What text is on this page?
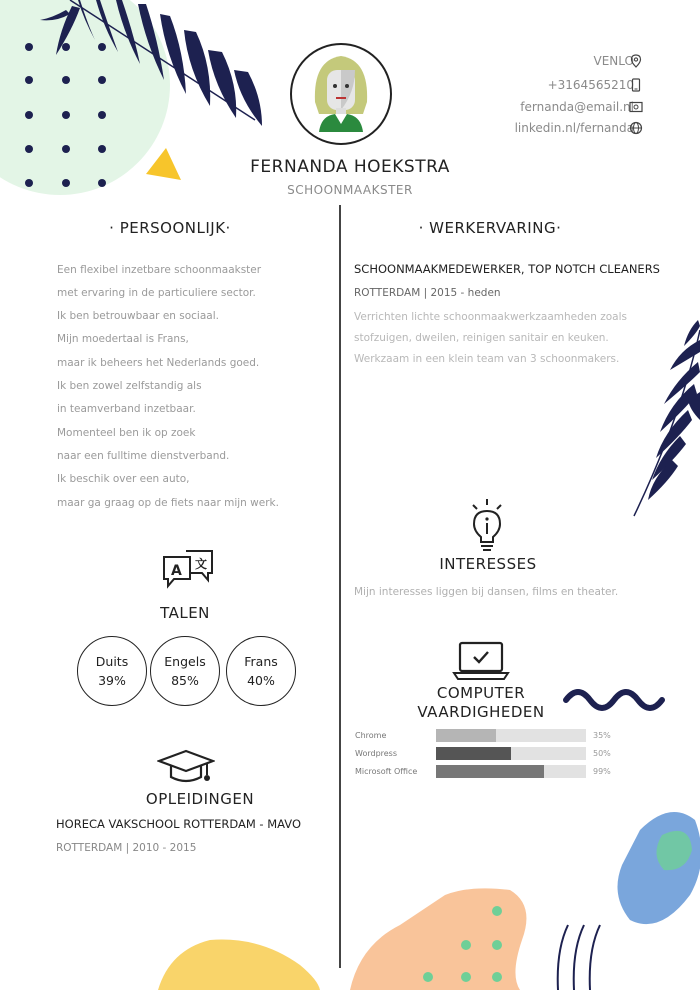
FERNANDA HOEKSTRA
SCHOONMAAKSTER
VENLO
+3164565210
fernanda@email.nl
linkedin.nl/fernanda
· PERSOONLIJK·
Een flexibel inzetbare schoonmaakster
met ervaring in de particuliere sector.
Ik ben betrouwbaar en sociaal.
Mijn moedertaal is Frans,
maar ik beheers het Nederlands goed.
Ik ben zowel zelfstandig als
in teamverband inzetbaar.
Momenteel ben ik op zoek
naar een fulltime dienstverband.
Ik beschik over een auto,
maar ga graag op de fiets naar mijn werk.
· WERKERVARING·
SCHOONMAAKMEDEWERKER, TOP NOTCH CLEANERS
ROTTERDAM | 2015 - heden
Verrichten lichte schoonmaakwerkzaamheden zoals
stofzuigen, dweilen, reinigen sanitair en keuken.
Werkzaam in een klein team van 3 schoonmakers.
A 文
TALEN
Duits
39%
Engels
85%
Frans
40%
OPLEIDINGEN
HORECA VAKSCHOOL ROTTERDAM - MAVO
ROTTERDAM | 2010 - 2015
INTERESSES
Mijn interesses liggen bij dansen, films en theater.
COMPUTER
VAARDIGHEDEN
Chrome	35%
Wordpress	50%
Microsoft Office	99%
